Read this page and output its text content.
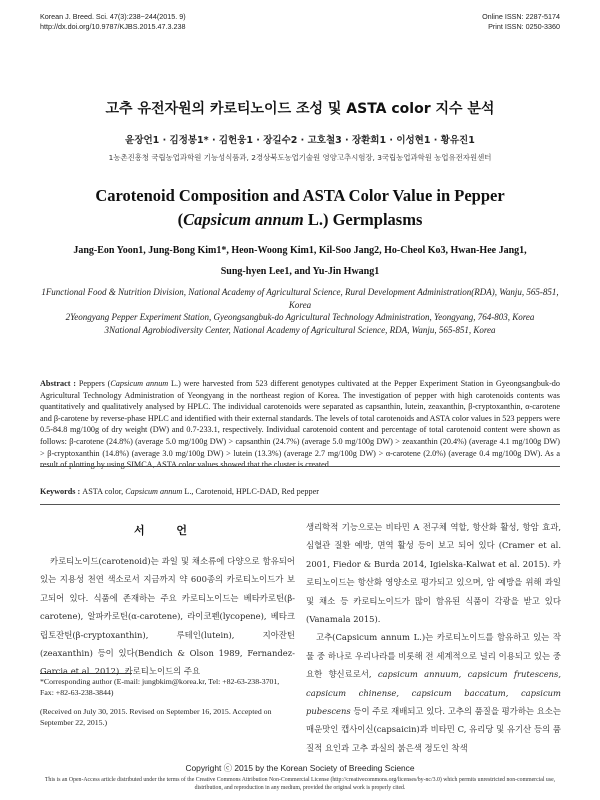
Korean J. Breed. Sci. 47(3):238~244(2015. 9)
http://dx.doi.org/10.9787/KJBS.2015.47.3.238
Online ISSN: 2287-5174
Print ISSN: 0250-3360
고추 유전자원의 카로티노이드 조성 및 ASTA color 지수 분석
윤장언1 · 김정봉1* · 김헌웅1 · 장길수2 · 고호철3 · 장환희1 · 이성현1 · 황유진1
1농촌진흥청 국립농업과학원 기능성식품과, 2경상북도농업기술원 영양고추시험장, 3국립농업과학원 농업유전자원센터
Carotenoid Composition and ASTA Color Value in Pepper
(Capsicum annum L.) Germplasms
Jang-Eon Yoon1, Jung-Bong Kim1*, Heon-Woong Kim1, Kil-Soo Jang2, Ho-Cheol Ko3, Hwan-Hee Jang1,
Sung-hyen Lee1, and Yu-Jin Hwang1

1Functional Food & Nutrition Division, National Academy of Agricultural Science, Rural Development Administration(RDA), Wanju, 565-851, Korea

2Yeongyang Pepper Experiment Station, Gyeongsangbuk-do Agricultural Technology Administration, Yeongyang, 764-803, Korea

3National Agrobiodiversity Center, National Academy of Agricultural Science, RDA, Wanju, 565-851, Korea

Abstract : Peppers (Capsicum annum L.) were harvested from 523 different genotypes cultivated at the Pepper Experiment Station in Gyeongsangbuk-do Agricultural Technology Administration of Yeongyang in the northeast region of Korea. The investigation of pepper with high carotenoids contents was quantitatively and qualitatively analysed by HPLC. The individual carotenoids were separated as capsanthin, lutein, zeaxanthin, β-cryptoxanthin, α-carotene and β-carotene by reverse-phase HPLC and identified with their external standards. The levels of total carotenoids and ASTA color values in 523 peppers were 0.5-84.8 mg/100g of dry weight (DW) and 0.7-233.1, respectively. Individual carotenoid content and percentage of total carotenoid content were shown as follows: β-carotene (24.8%) (average 5.0 mg/100g DW) > capsanthin (24.7%) (average 5.0 mg/100g DW) > zeaxanthin (20.4%) (average 4.1 mg/100g DW) > β-cryptoxanthin (14.8%) (average 3.0 mg/100g DW) > lutein (13.3%) (average 2.7 mg/100g DW) > α-carotene (2.0%) (average 0.4 mg/100g DW). As a result of plotting by using SIMCA, ASTA color values showed that the cluster is created.
Keywords : ASTA color, Capsicum annum L., Carotenoid, HPLC-DAD, Red pepper
서 언

카로티노이드(carotenoid)는 과일 및 채소류에 다양으로 함유되어 있는 지용성 천연 색소로서 지금까지 약 600종의 카로티노이드가 보고되어 있다. 식품에 존재하는 주요 카로티노이드는 베타카로틴(β-carotene), 알파카로틴(α-carotene), 라이코펜(lycopene), 베타크립토잔틴(β-cryptoxanthin), 루테인(lutein), 지아잔틴(zeaxanthin) 등이 있다(Bendich & Olson 1989, Fernandez-Garcia et al. 2012). 카로티노이드의 주요

생리학적 기능으로는 비타민 A 전구체 역할, 항산화 활성, 항암 효과, 심혈관 질환 예방, 면역 활성 등이 보고 되어 있다 (Cramer et al. 2001, Fiedor & Burda 2014, Igielska-Kalwat et al. 2015). 카로티노이드는 항산화 영양소로 평가되고 있으며, 암 예방을 위해 과일 및 채소 등 카로티노이드가 많이 함유된 식품이 각광을 받고 있다(Vanamala 2015).

고추(Capsicum annum L.)는 카로티노이드를 함유하고 있는 작물 중 하나로 우리나라를 비롯해 전 세계적으로 널리 이용되고 있는 중요한 향신료로서, capsicum annuum, capsicum frutescens, capsicum chinense, capsicum baccatum, capsicum pubescens 등이 주로 재배되고 있다. 고추의 품질을 평가하는 요소는 매운맛인 캡사이신(capsaicin)과 비타민 C, 유리당 및 유기산 등의 품질적 요인과 고추 과실의 붉은색 정도인 착색

*Corresponding author (E-mail: jungbkim@korea.kr, Tel: +82-63-238-3701, Fax: +82-63-238-3844)
(Received on July 30, 2015. Revised on September 16, 2015. Accepted on September 22, 2015.)
Copyright ⓒ 2015 by the Korean Society of Breeding Science
This is an Open-Access article distributed under the terms of the Creative Commons Attribution Non-Commercial License (http://creativecommons.org/licenses/by-nc/3.0) which permits unrestricted non-commercial use, distribution, and reproduction in any medium, provided the original work is properly cited.
